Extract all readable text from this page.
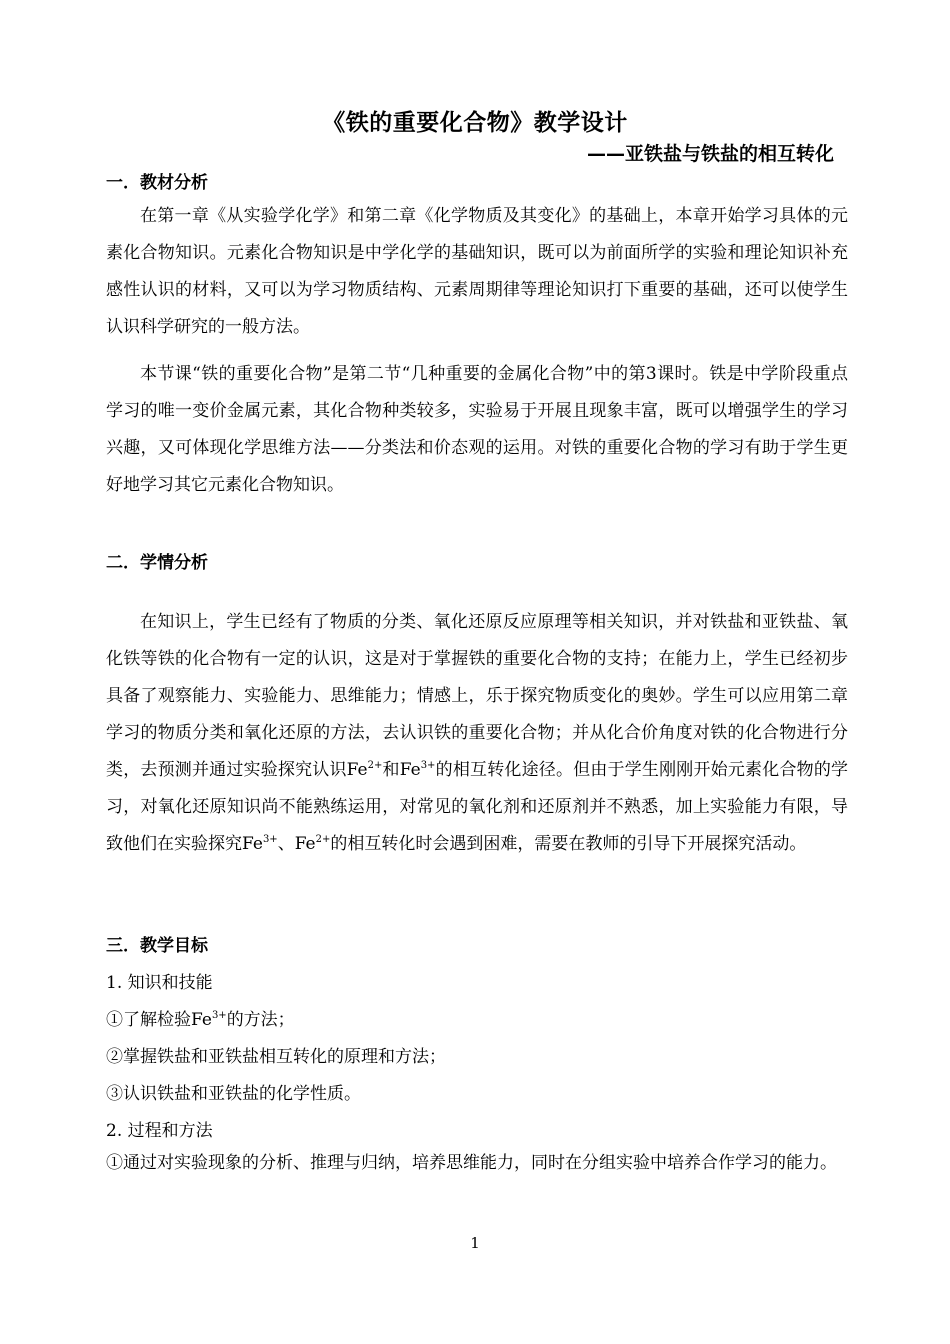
《铁的重要化合物》教学设计
——亚铁盐与铁盐的相互转化
一．教材分析

在第一章《从实验学化学》和第二章《化学物质及其变化》的基础上，本章开始学习具体的元素化合物知识。元素化合物知识是中学化学的基础知识，既可以为前面所学的实验和理论知识补充感性认识的材料，又可以为学习物质结构、元素周期律等理论知识打下重要的基础，还可以使学生认识科学研究的一般方法。

本节课“铁的重要化合物”是第二节“几种重要的金属化合物”中的第3课时。铁是中学阶段重点学习的唯一变价金属元素，其化合物种类较多，实验易于开展且现象丰富，既可以增强学生的学习兴趣，又可体现化学思维方法——分类法和价态观的运用。对铁的重要化合物的学习有助于学生更好地学习其它元素化合物知识。

二．学情分析

在知识上，学生已经有了物质的分类、氧化还原反应原理等相关知识，并对铁盐和亚铁盐、氧化铁等铁的化合物有一定的认识，这是对于掌握铁的重要化合物的支持；在能力上，学生已经初步具备了观察能力、实验能力、思维能力；情感上，乐于探究物质变化的奥妙。学生可以应用第二章学习的物质分类和氧化还原的方法，去认识铁的重要化合物；并从化合价角度对铁的化合物进行分类，去预测并通过实验探究认识$Fe^{2+}$和$Fe^{3+}$的相互转化途径。但由于学生刚刚开始元素化合物的学习，对氧化还原知识尚不能熟练运用，对常见的氧化剂和还原剂并不熟悉，加上实验能力有限，导致他们在实验探究$Fe^{3+}$、$Fe^{2+}$的相互转化时会遇到困难，需要在教师的引导下开展探究活动。

三．教学目标
1. 知识和技能
①了解检验$Fe^{3+}$的方法；
②掌握铁盐和亚铁盐相互转化的原理和方法；
③认识铁盐和亚铁盐的化学性质。
2. 过程和方法

①通过对实验现象的分析、推理与归纳，培养思维能力，同时在分组实验中培养合作学习的能力。

1
